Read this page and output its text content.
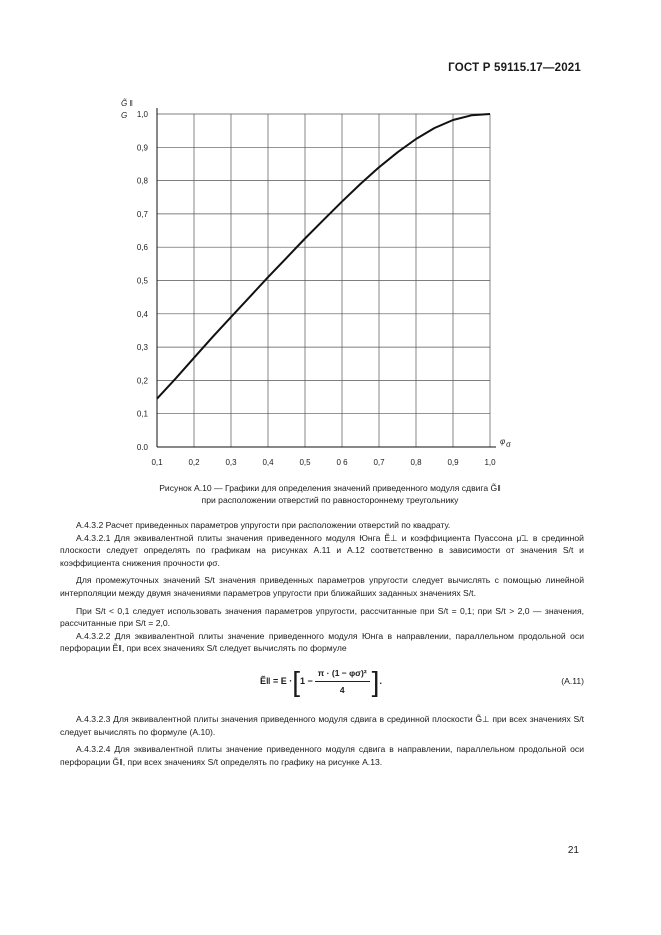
ГОСТ Р 59115.17—2021
0,1	0,2	0,3	0,4	0,5	0 6	0,7	0,8	0,9	1,0
0.0
0,1
0,2
0,3
0,4
0,5
0,6
0,7
0,8
0,9
1,0
G̃ ǁ
G
φ σ
Рисунок А.10 — Графики для определения значений приведенного модуля сдвига G̃ǁ
при расположении отверстий по равностороннему треугольнику

А.4.3.2 Расчет приведенных параметров упругости при расположении отверстий по квадрату.

А.4.3.2.1 Для эквивалентной плиты значения приведенного модуля Юнга Ẽ⊥ и коэффициента Пуассона μ̃⊥ в срединной плоскости следует определять по графикам на рисунках А.11 и А.12 соответственно в зависимости от значения S/t и коэффициента снижения прочности φσ.

Для промежуточных значений S/t значения приведенных параметров упругости следует вычислять с помощью линейной интерполяции между двумя значениями параметров упругости при ближайших заданных значениях S/t.

При S/t < 0,1 следует использовать значения параметров упругости, рассчитанные при S/t = 0,1; при S/t > 2,0 — значения, рассчитанные при S/t = 2,0.

А.4.3.2.2 Для эквивалентной плиты значение приведенного модуля Юнга в направлении, параллельном продольной оси перфорации Ẽǁ, при всех значениях S/t следует вычислять по формуле

Ẽǁ = E · [ $1 - \frac{\text{π · (1 − φσ)²}}{4}$ ] .	(А.11)

А.4.3.2.3 Для эквивалентной плиты значения приведенного модуля сдвига в срединной плоскости G̃⊥ при всех значениях S/t следует вычислять по формуле (А.10).

А.4.3.2.4 Для эквивалентной плиты значение приведенного модуля сдвига в направлении, параллельном продольной оси перфорации G̃ǁ, при всех значениях S/t определять по графику на рисунке А.13.

21
